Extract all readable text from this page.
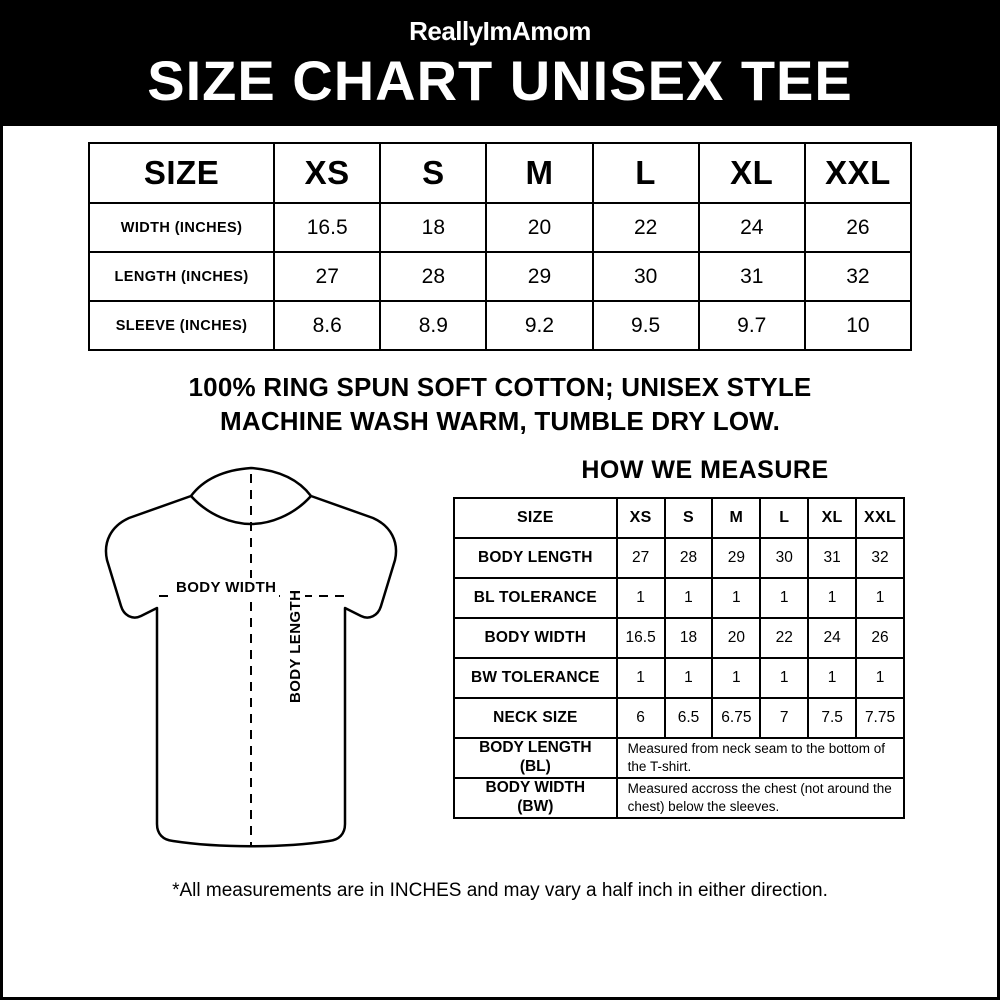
ReallyImAmom
SIZE CHART UNISEX TEE
SIZE	XS	S	M	L	XL	XXL
WIDTH (INCHES)	16.5	18	20	22	24	26
LENGTH (INCHES)	27	28	29	30	31	32
SLEEVE (INCHES)	8.6	8.9	9.2	9.5	9.7	10
100% RING SPUN SOFT COTTON; UNISEX STYLE
MACHINE WASH WARM, TUMBLE DRY LOW.
BODY WIDTH
BODY LENGTH
HOW WE MEASURE
SIZE	XS	S	M	L	XL	XXL
BODY LENGTH	27	28	29	30	31	32
BL TOLERANCE	1	1	1	1	1	1
BODY WIDTH	16.5	18	20	22	24	26
BW TOLERANCE	1	1	1	1	1	1
NECK SIZE	6	6.5	6.75	7	7.5	7.75

BODY LENGTH
(BL)	Measured from neck seam to the bottom of the T-shirt.					

BODY WIDTH
(BW)	Measured accross the chest (not around the chest) below the sleeves.					
*All measurements are in INCHES and may vary a half inch in either direction.
